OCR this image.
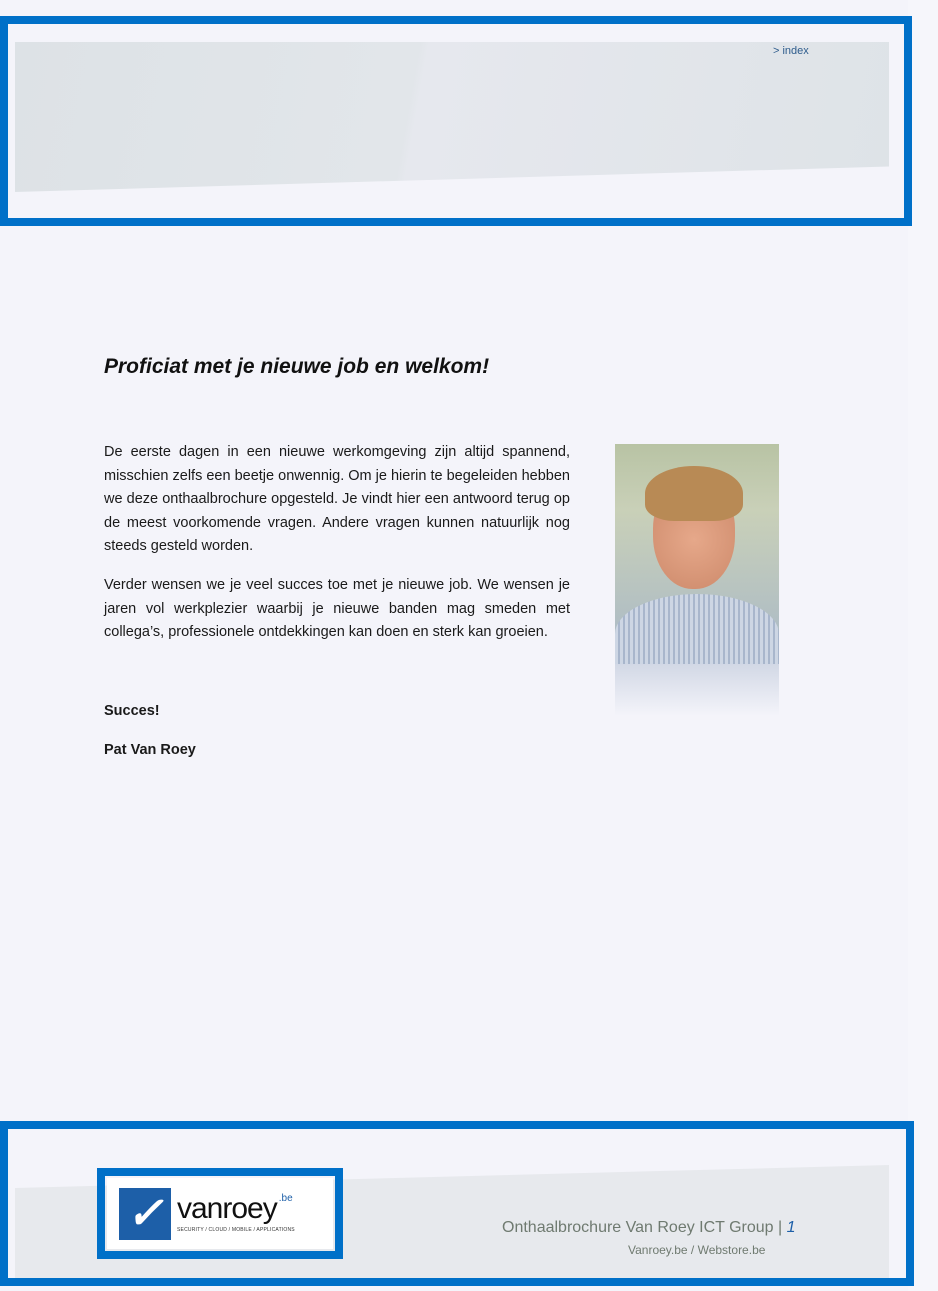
> index
Proficiat met je nieuwe job en welkom!

De eerste dagen in een nieuwe werkomgeving zijn altijd spannend, misschien zelfs een beetje onwennig. Om je hierin te begeleiden hebben we deze onthaalbrochure opgesteld. Je vindt hier een antwoord terug op de meest voorkomende vragen. Andere vragen kunnen natuurlijk nog steeds gesteld worden.

Verder wensen we je veel succes toe met je nieuwe job. We wensen je jaren vol werkplezier waarbij je nieuwe banden mag smeden met collega’s, professionele ontdekkingen kan doen en sterk kan groeien.

Succes!
Pat Van Roey
✓ vanroey .be
SECURITY / CLOUD / MOBILE / APPLICATIONS	Onthaalbrochure Van Roey ICT Group | 1
Vanroey.be / Webstore.be
